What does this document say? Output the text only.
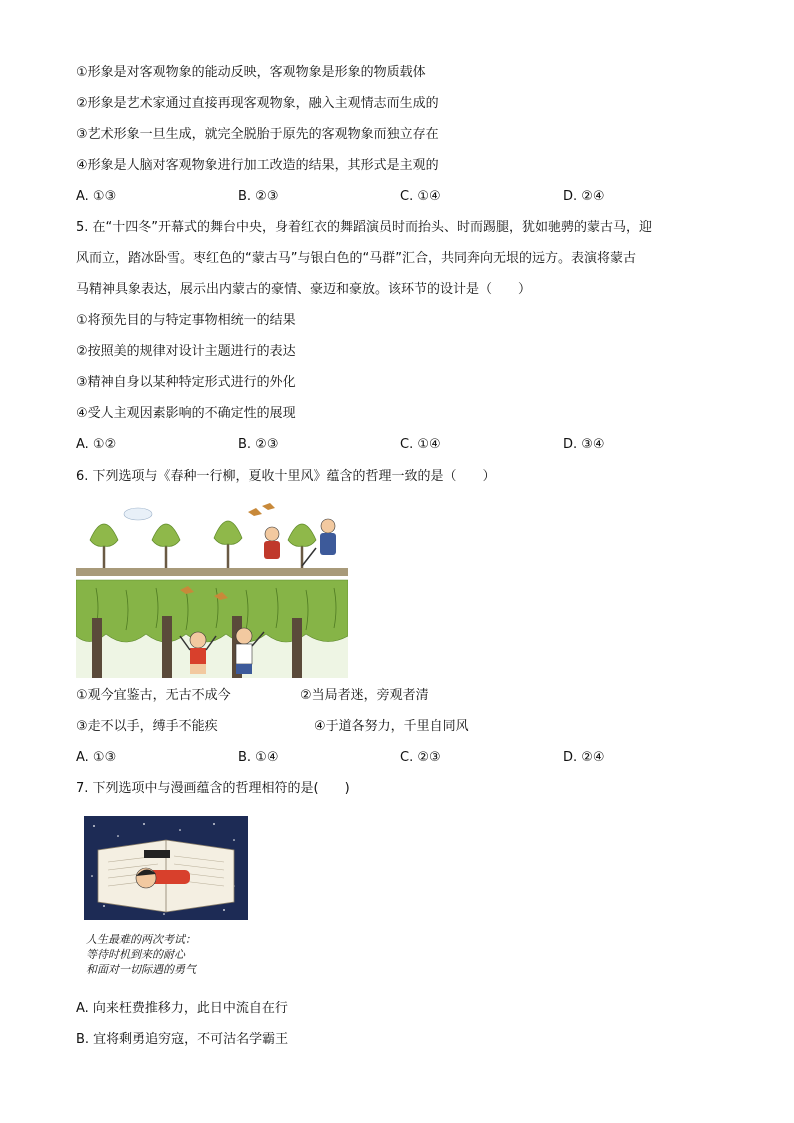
①形象是对客观物象的能动反映，客观物象是形象的物质载体
②形象是艺术家通过直接再现客观物象，融入主观情志而生成的
③艺术形象一旦生成，就完全脱胎于原先的客观物象而独立存在
④形象是人脑对客观物象进行加工改造的结果，其形式是主观的
A. ①③	B. ②③	C. ①④	D. ②④
5. 在“十四冬”开幕式的舞台中央，身着红衣的舞蹈演员时而抬头、时而踢腿，犹如驰骋的蒙古马，迎
风而立，踏冰卧雪。枣红色的“蒙古马”与银白色的“马群”汇合，共同奔向无垠的远方。表演将蒙古
马精神具象表达，展示出内蒙古的豪情、豪迈和豪放。该环节的设计是（　　）
①将预先目的与特定事物相统一的结果
②按照美的规律对设计主题进行的表达
③精神自身以某种特定形式进行的外化
④受人主观因素影响的不确定性的展现
A. ①②	B. ②③	C. ①④	D. ③④
6. 下列选项与《春种一行柳，夏收十里风》蕴含的哲理一致的是（　　）
①观今宜鉴古，无古不成今	②当局者迷，旁观者清
③走不以手，缚手不能疾	④于道各努力，千里自同风
A. ①③	B. ①④	C. ②③	D. ②④
7. 下列选项中与漫画蕴含的哲理相符的是(　　)
人生最难的两次考试：
等待时机到来的耐心
和面对一切际遇的勇气
A. 向来枉费推移力，此日中流自在行
B. 宜将剩勇追穷寇，不可沽名学霸王
